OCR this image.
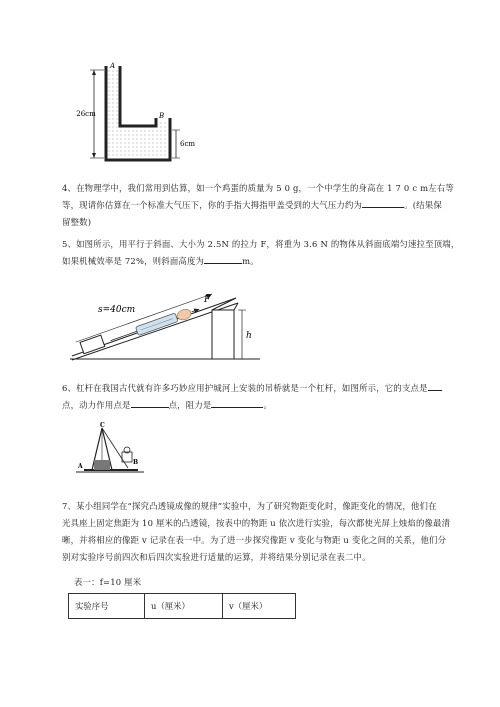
26cm
6cm
A
B
4、在物理学中，我们常用到估算，如一个鸡蛋的质量为 5 0 g，一个中学生的身高在 1 7 0 c m左右等
等，现请你估算在一个标准大气压下，你的手指大拇指甲盖受到的大气压力约为	。(结果保
留整数)
5、如图所示，用平行于斜面、大小为 2.5N 的拉力 F，将重为 3.6 N 的物体从斜面底端匀速拉至顶端，
如果机械效率是 72%，则斜面高度为	m。
h
s=40cm
F
6、杠杆在我国古代就有许多巧妙应用护城河上安装的吊桥就是一个杠杆，如图所示，它的支点是
点，动力作用点是	点，阻力是	。
C
A
B
7、某小组同学在“探究凸透镜成像的规律”实验中，为了研究物距变化时，像距变化的情况，他们在
光具座上固定焦距为 10 厘米的凸透镜，按表中的物距 u 依次进行实验，每次都使光屏上烛焰的像最清
晰，并将相应的像距 v 记录在表一中。为了进一步探究像距 v 变化与物距 u 变化之间的关系，他们分
别对实验序号前四次和后四次实验进行适量的运算，并将结果分别记录在表二中。
表一：f=10 厘米
实验序号	u（厘米）	v（厘米）
